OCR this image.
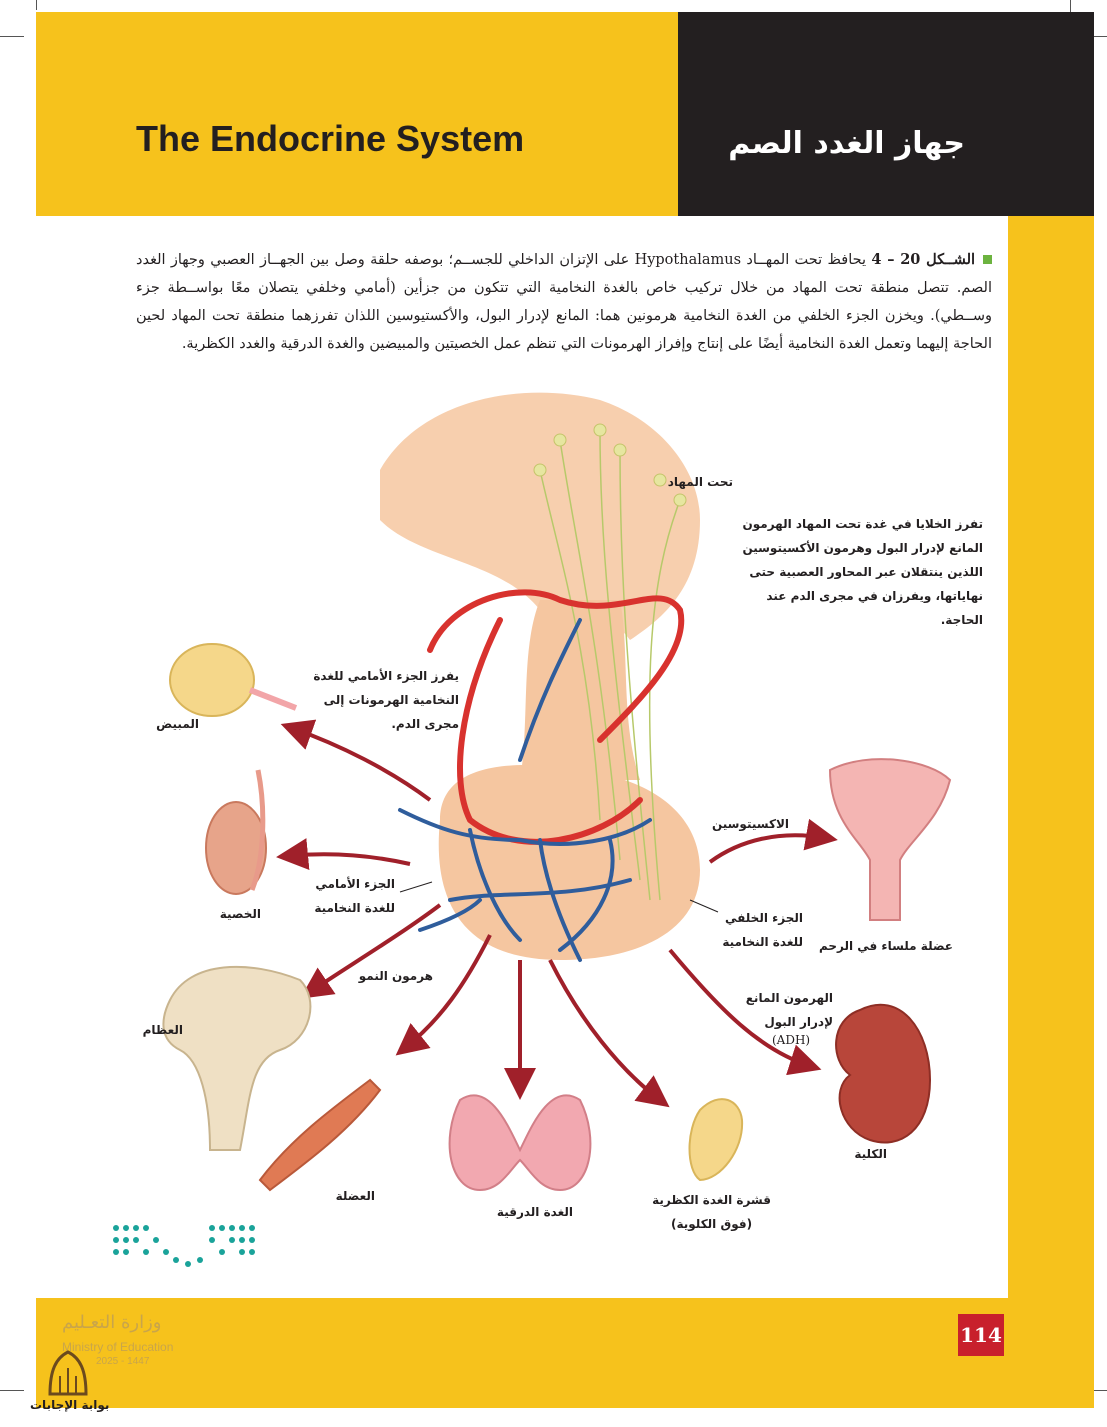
The Endocrine System	جهاز الغدد الصم
الشــكل 20 – 4 يحافظ تحت المهــاد Hypothalamus على الإتزان الداخلي للجســم؛ بوصفه حلقة وصل بين الجهــاز العصبي وجهاز الغدد الصم. تتصل منطقة تحت المهاد من خلال تركيب خاص بالغدة النخامية التي تتكون من جزأين (أمامي وخلفي يتصلان معًا بواســطة جزء وســطي). ويخزن الجزء الخلفي من الغدة النخامية هرمونين هما: المانع لإدرار البول، والأكستيوسين اللذان تفرزهما منطقة تحت المهاد لحين الحاجة إليهما وتعمل الغدة النخامية أيضًا على إنتاج وإفراز الهرمونات التي تنظم عمل الخصيتين والمبيضين والغدة الدرقية والغدد الكظرية.
تحت المهاد
تفرز الخلايا في غدة تحت المهاد الهرمون
المانع لإدرار البول وهرمون الأكسيتوسين
اللذين ينتقلان عبر المحاور العصبية حتى
نهاياتها، ويفرزان في مجرى الدم عند
الحاجة.
يفرز الجزء الأمامي للغدة
النخامية الهرمونات إلى
مجرى الدم.
المبيض
الخصية
الجزء الأمامي
للغدة النخامية
الجزء الخلفي
للغدة النخامية
الاكسيتوسين
عضلة ملساء في الرحم
هرمون النمو
العظام
العضلة
الغدة الدرقية
قشرة الغدة الكظرية
(فوق الكلوية)
الهرمون المانع
لإدرار البول
(ADH)
الكلية
114
وزارة التعـليم
Ministry of Education
2025 - 1447
بوابة الإجابات
